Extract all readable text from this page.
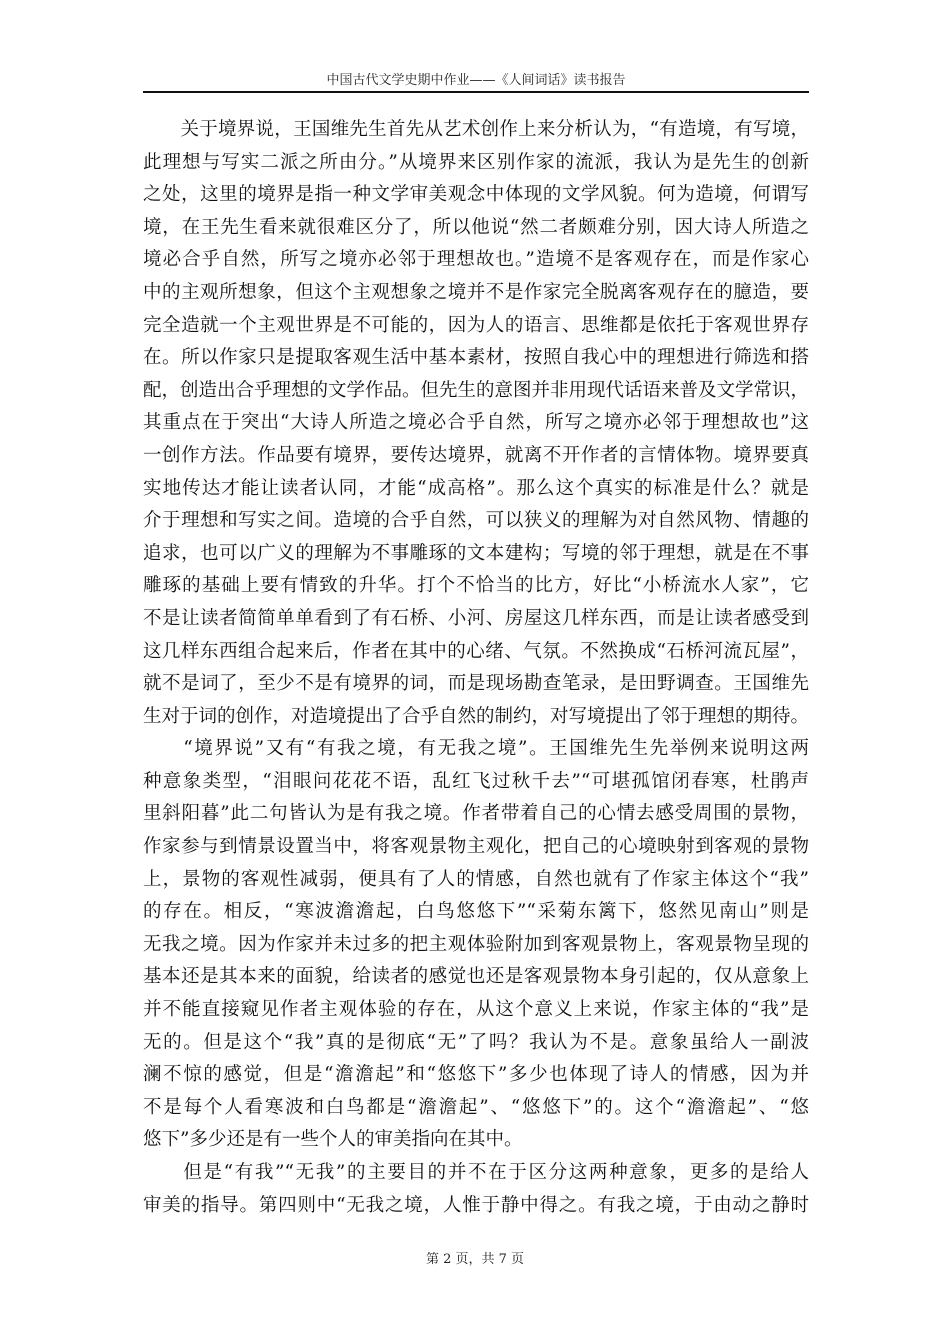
中国古代文学史期中作业——《人间词话》读书报告
　　关于境界说，王国维先生首先从艺术创作上来分析认为，“有造境，有写境，
此理想与写实二派之所由分。”从境界来区别作家的流派，我认为是先生的创新
之处，这里的境界是指一种文学审美观念中体现的文学风貌。何为造境，何谓写
境，在王先生看来就很难区分了，所以他说“然二者颇难分别，因大诗人所造之
境必合乎自然，所写之境亦必邻于理想故也。”造境不是客观存在，而是作家心
中的主观所想象，但这个主观想象之境并不是作家完全脱离客观存在的臆造，要
完全造就一个主观世界是不可能的，因为人的语言、思维都是依托于客观世界存
在。所以作家只是提取客观生活中基本素材，按照自我心中的理想进行筛选和搭
配，创造出合乎理想的文学作品。但先生的意图并非用现代话语来普及文学常识，
其重点在于突出“大诗人所造之境必合乎自然，所写之境亦必邻于理想故也”这
一创作方法。作品要有境界，要传达境界，就离不开作者的言情体物。境界要真
实地传达才能让读者认同，才能“成高格”。那么这个真实的标准是什么？就是
介于理想和写实之间。造境的合乎自然，可以狭义的理解为对自然风物、情趣的
追求，也可以广义的理解为不事雕琢的文本建构；写境的邻于理想，就是在不事
雕琢的基础上要有情致的升华。打个不恰当的比方，好比“小桥流水人家”，它
不是让读者简简单单看到了有石桥、小河、房屋这几样东西，而是让读者感受到
这几样东西组合起来后，作者在其中的心绪、气氛。不然换成“石桥河流瓦屋”，
就不是词了，至少不是有境界的词，而是现场勘查笔录，是田野调查。王国维先
生对于词的创作，对造境提出了合乎自然的制约，对写境提出了邻于理想的期待。
　　“境界说”又有“有我之境，有无我之境”。王国维先生先举例来说明这两
种意象类型，“泪眼问花花不语，乱红飞过秋千去”“可堪孤馆闭春寒，杜鹃声
里斜阳暮”此二句皆认为是有我之境。作者带着自己的心情去感受周围的景物，
作家参与到情景设置当中，将客观景物主观化，把自己的心境映射到客观的景物
上，景物的客观性减弱，便具有了人的情感，自然也就有了作家主体这个“我”
的存在。相反，“寒波澹澹起，白鸟悠悠下”“采菊东篱下，悠然见南山”则是
无我之境。因为作家并未过多的把主观体验附加到客观景物上，客观景物呈现的
基本还是其本来的面貌，给读者的感觉也还是客观景物本身引起的，仅从意象上
并不能直接窥见作者主观体验的存在，从这个意义上来说，作家主体的“我”是
无的。但是这个“我”真的是彻底“无”了吗？我认为不是。意象虽给人一副波
澜不惊的感觉，但是“澹澹起”和“悠悠下”多少也体现了诗人的情感，因为并
不是每个人看寒波和白鸟都是“澹澹起”、“悠悠下”的。这个“澹澹起”、“悠
悠下”多少还是有一些个人的审美指向在其中。
　　但是“有我”“无我”的主要目的并不在于区分这两种意象，更多的是给人
审美的指导。第四则中“无我之境，人惟于静中得之。有我之境，于由动之静时
第 2 页，共 7 页
